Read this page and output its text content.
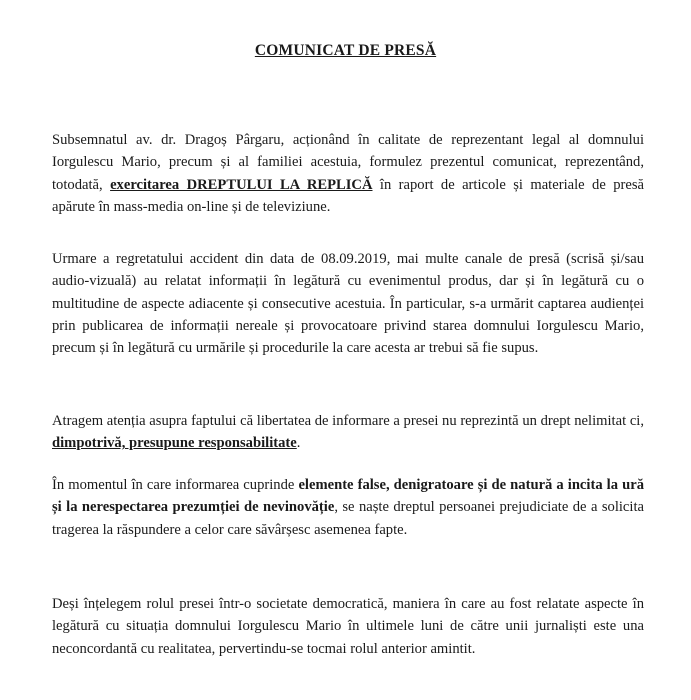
COMUNICAT DE PRESĂ
Subsemnatul av. dr. Dragoș Pârgaru, acționând în calitate de reprezentant legal al domnului Iorgulescu Mario, precum și al familiei acestuia, formulez prezentul comunicat, reprezentând, totodată, exercitarea DREPTULUI LA REPLICĂ în raport de articole și materiale de presă apărute în mass-media on-line și de televiziune.
Urmare a regretatului accident din data de 08.09.2019, mai multe canale de presă (scrisă și/sau audio-vizuală) au relatat informații în legătură cu evenimentul produs, dar și în legătură cu o multitudine de aspecte adiacente și consecutive acestuia. În particular, s-a urmărit captarea audienței prin publicarea de informații nereale și provocatoare privind starea domnului Iorgulescu Mario, precum și în legătură cu urmările și procedurile la care acesta ar trebui să fie supus.
Atragem atenția asupra faptului că libertatea de informare a presei nu reprezintă un drept nelimitat ci, dimpotrivă, presupune responsabilitate.
În momentul în care informarea cuprinde elemente false, denigratoare și de natură a incita la ură și la nerespectarea prezumției de nevinovăție, se naște dreptul persoanei prejudiciate de a solicita tragerea la răspundere a celor care săvârșesc asemenea fapte.
Deși înțelegem rolul presei într-o societate democratică, maniera în care au fost relatate aspecte în legătură cu situația domnului Iorgulescu Mario în ultimele luni de către unii jurnaliști este una neconcordantă cu realitatea, pervertindu-se tocmai rolul anterior amintit.
